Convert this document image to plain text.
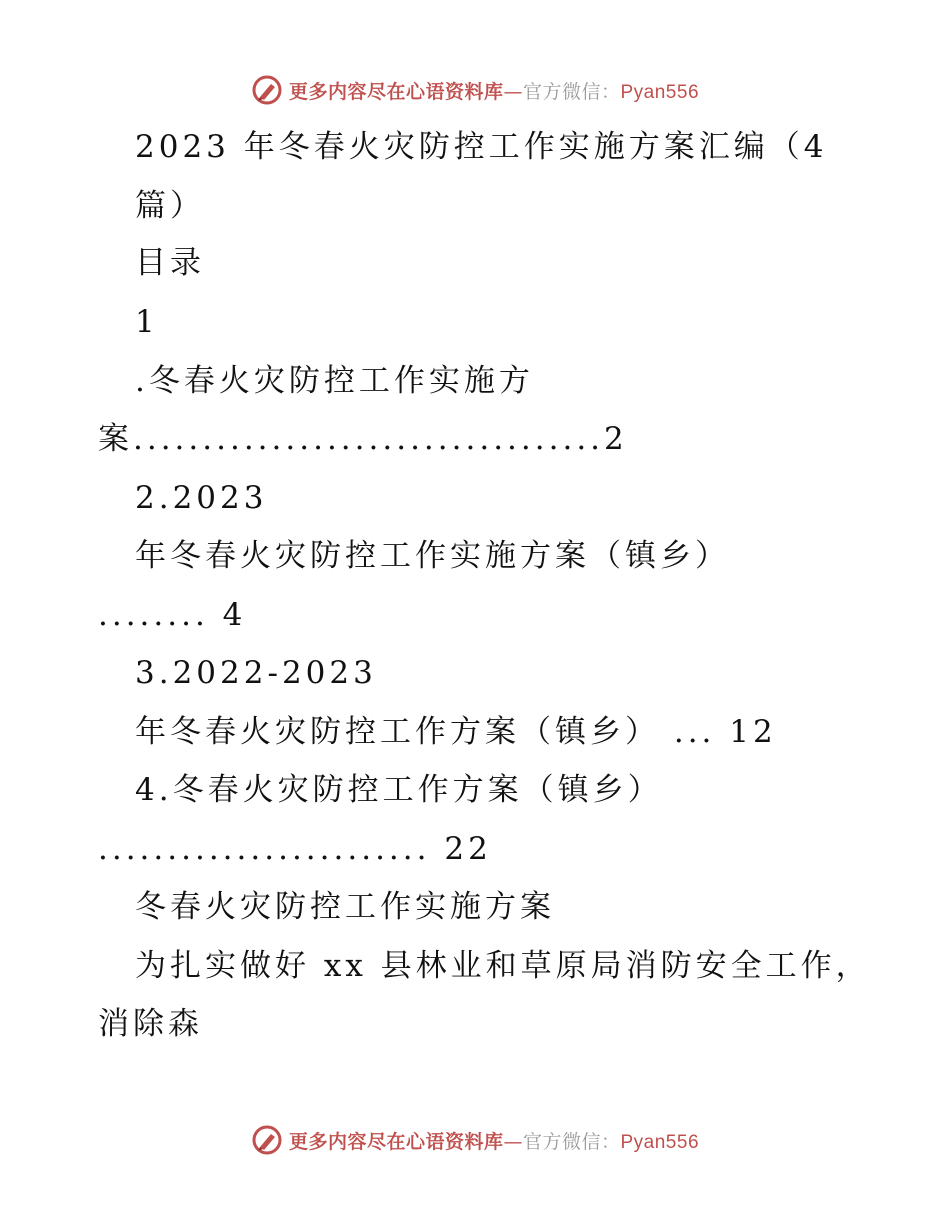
更多内容尽在心语资料库—官方微信：Pyan556
2023 年冬春火灾防控工作实施方案汇编（4
篇）
目录
1
.冬春火灾防控工作实施方
案..................................2
2.2023
年冬春火灾防控工作实施方案（镇乡）
........ 4
3.2022-2023
年冬春火灾防控工作方案（镇乡） ... 12
4.冬春火灾防控工作方案（镇乡）
........................ 22
冬春火灾防控工作实施方案
为扎实做好 xx 县林业和草原局消防安全工作，
消除森
更多内容尽在心语资料库—官方微信：Pyan556
